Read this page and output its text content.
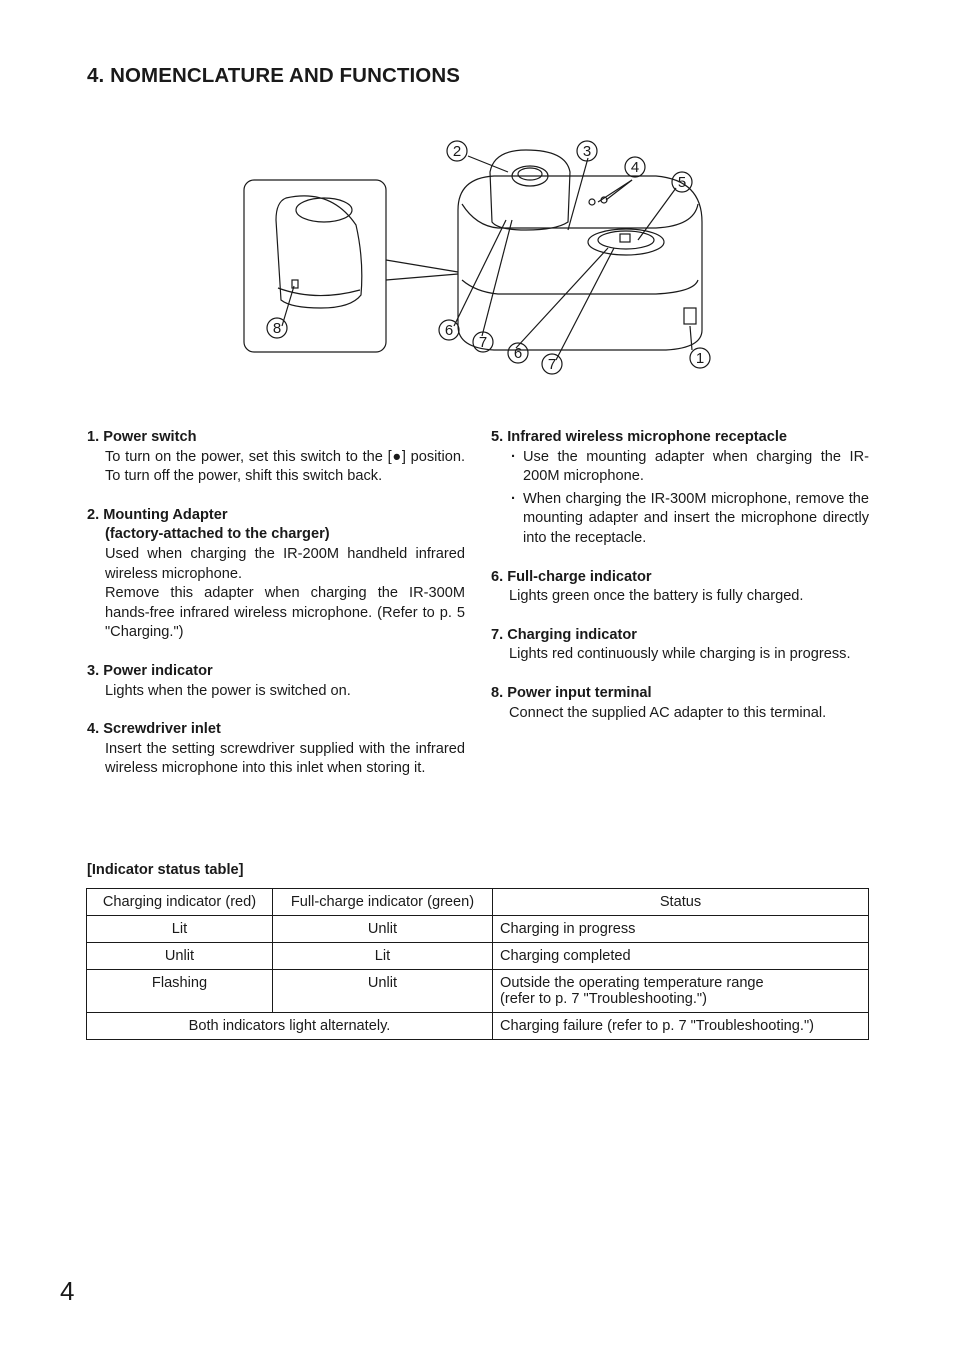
4. NOMENCLATURE AND FUNCTIONS
2	3
4
5
8	6
7
6
7	1
1. Power switch
To turn on the power, set this switch to the [●] position. To turn off the power, shift this switch back.
2. Mounting Adapter
(factory-attached to the charger)

Used when charging the IR-200M handheld infrared wireless microphone.

Remove this adapter when charging the IR-300M hands-free infrared wireless microphone. (Refer to p. 5 "Charging.")

3. Power indicator
Lights when the power is switched on.
4. Screwdriver inlet
Insert the setting screwdriver supplied with the infrared wireless microphone into this inlet when storing it.
5. Infrared wireless microphone receptacle
· Use the mounting adapter when charging the IR-200M microphone.
· When charging the IR-300M microphone, remove the mounting adapter and insert the microphone directly into the receptacle.
6. Full-charge indicator
Lights green once the battery is fully charged.
7. Charging indicator
Lights red continuously while charging is in progress.
8. Power input terminal
Connect the supplied AC adapter to this terminal.
[Indicator status table]
Charging indicator (red)	Full-charge indicator (green)	Status
Lit	Unlit	Charging in progress
Unlit	Lit	Charging completed
Flashing	Unlit	Outside the operating temperature range
(refer to p. 7 "Troubleshooting.")

Both indicators light alternately.		Charging failure (refer to p. 7 "Troubleshooting.")
4
